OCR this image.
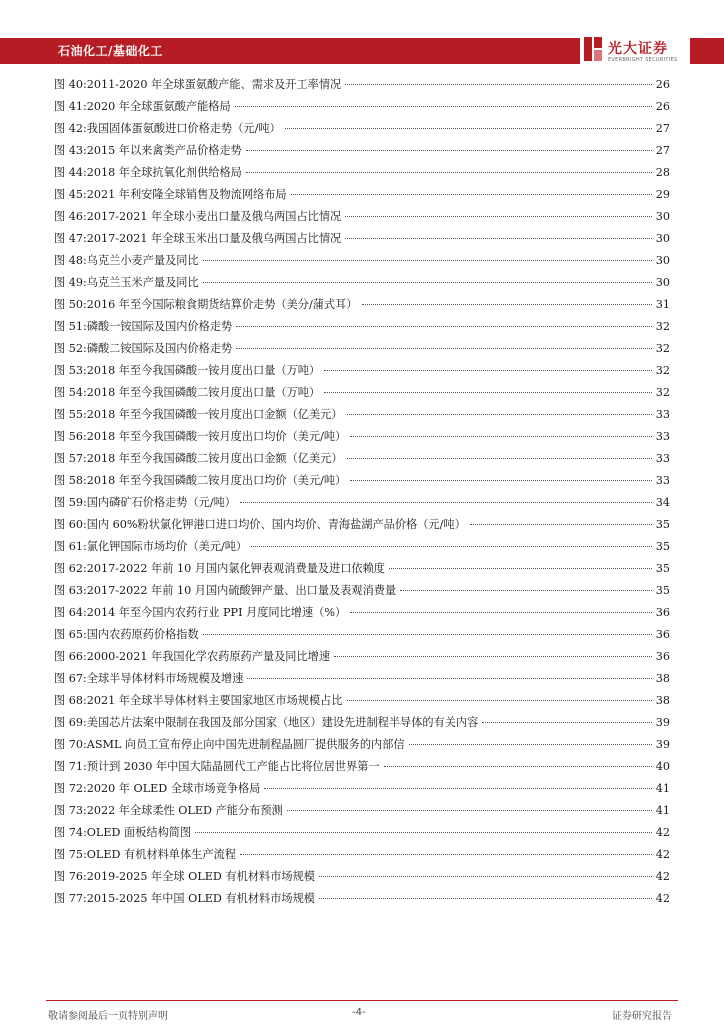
石油化工/基础化工	光大证券
EVERBRIGHT SECURITIES
图 40: 2011-2020 年全球蛋氨酸产能、需求及开工率情况	26
图 41: 2020 年全球蛋氨酸产能格局	26
图 42: 我国固体蛋氨酸进口价格走势（元/吨）	27
图 43: 2015 年以来禽类产品价格走势	27
图 44: 2018 年全球抗氧化剂供给格局	28
图 45: 2021 年利安隆全球销售及物流网络布局	29
图 46: 2017-2021 年全球小麦出口量及俄乌两国占比情况	30
图 47: 2017-2021 年全球玉米出口量及俄乌两国占比情况	30
图 48: 乌克兰小麦产量及同比	30
图 49: 乌克兰玉米产量及同比	30
图 50: 2016 年至今国际粮食期货结算价走势（美分/蒲式耳）	31
图 51: 磷酸一铵国际及国内价格走势	32
图 52: 磷酸二铵国际及国内价格走势	32
图 53: 2018 年至今我国磷酸一铵月度出口量（万吨）	32
图 54: 2018 年至今我国磷酸二铵月度出口量（万吨）	32
图 55: 2018 年至今我国磷酸一铵月度出口金额（亿美元）	33
图 56: 2018 年至今我国磷酸一铵月度出口均价（美元/吨）	33
图 57: 2018 年至今我国磷酸二铵月度出口金额（亿美元）	33
图 58: 2018 年至今我国磷酸二铵月度出口均价（美元/吨）	33
图 59: 国内磷矿石价格走势（元/吨）	34
图 60: 国内 60%粉状氯化钾港口进口均价、国内均价、青海盐湖产品价格（元/吨）	35
图 61: 氯化钾国际市场均价（美元/吨）	35
图 62: 2017-2022 年前 10 月国内氯化钾表观消费量及进口依赖度	35
图 63: 2017-2022 年前 10 月国内硫酸钾产量、出口量及表观消费量	35
图 64: 2014 年至今国内农药行业 PPI 月度同比增速（%）	36
图 65: 国内农药原药价格指数	36
图 66: 2000-2021 年我国化学农药原药产量及同比增速	36
图 67: 全球半导体材料市场规模及增速	38
图 68: 2021 年全球半导体材料主要国家地区市场规模占比	38
图 69: 美国芯片法案中限制在我国及部分国家（地区）建设先进制程半导体的有关内容	39
图 70: ASML 向员工宣布停止向中国先进制程晶圆厂提供服务的内部信	39
图 71: 预计到 2030 年中国大陆晶圆代工产能占比将位居世界第一	40
图 72: 2020 年 OLED 全球市场竞争格局	41
图 73: 2022 年全球柔性 OLED 产能分布预测	41
图 74: OLED 面板结构简图	42
图 75: OLED 有机材料单体生产流程	42
图 76: 2019-2025 年全球 OLED 有机材料市场规模	42
图 77: 2015-2025 年中国 OLED 有机材料市场规模	42
敬请参阅最后一页特别声明	-4-	证券研究报告
